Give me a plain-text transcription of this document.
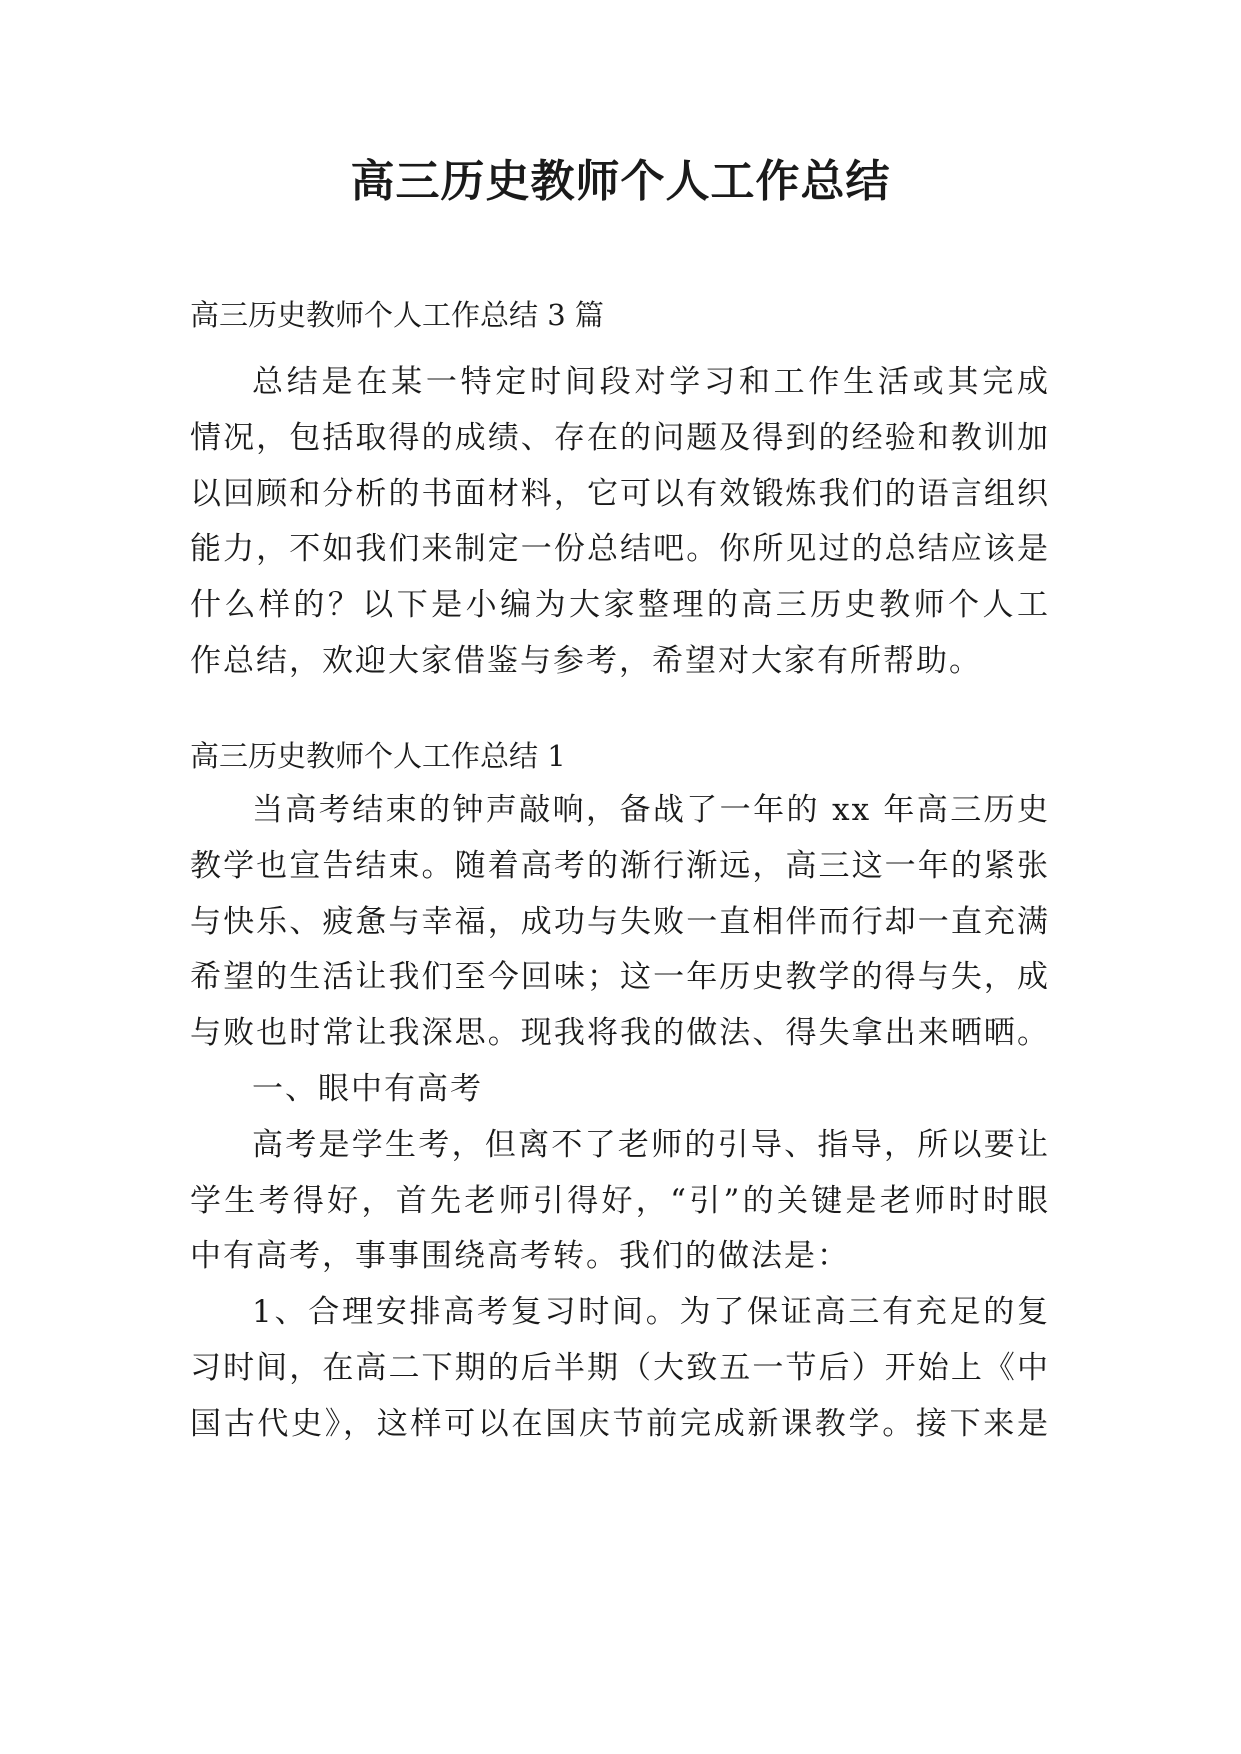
高三历史教师个人工作总结

高三历史教师个人工作总结 3 篇

总结是在某一特定时间段对学习和工作生活或其完成

情况，包括取得的成绩、存在的问题及得到的经验和教训加

以回顾和分析的书面材料，它可以有效锻炼我们的语言组织

能力，不如我们来制定一份总结吧。你所见过的总结应该是

什么样的？以下是小编为大家整理的高三历史教师个人工

作总结，欢迎大家借鉴与参考，希望对大家有所帮助。

高三历史教师个人工作总结 1

当高考结束的钟声敲响，备战了一年的 xx 年高三历史

教学也宣告结束。随着高考的渐行渐远，高三这一年的紧张

与快乐、疲惫与幸福，成功与失败一直相伴而行却一直充满

希望的生活让我们至今回味；这一年历史教学的得与失，成

与败也时常让我深思。现我将我的做法、得失拿出来晒晒。

一、眼中有高考

高考是学生考，但离不了老师的引导、指导，所以要让

学生考得好，首先老师引得好，“引”的关键是老师时时眼

中有高考，事事围绕高考转。我们的做法是：

1、合理安排高考复习时间。为了保证高三有充足的复

习时间，在高二下期的后半期（大致五一节后）开始上《中

国古代史》，这样可以在国庆节前完成新课教学。接下来是
